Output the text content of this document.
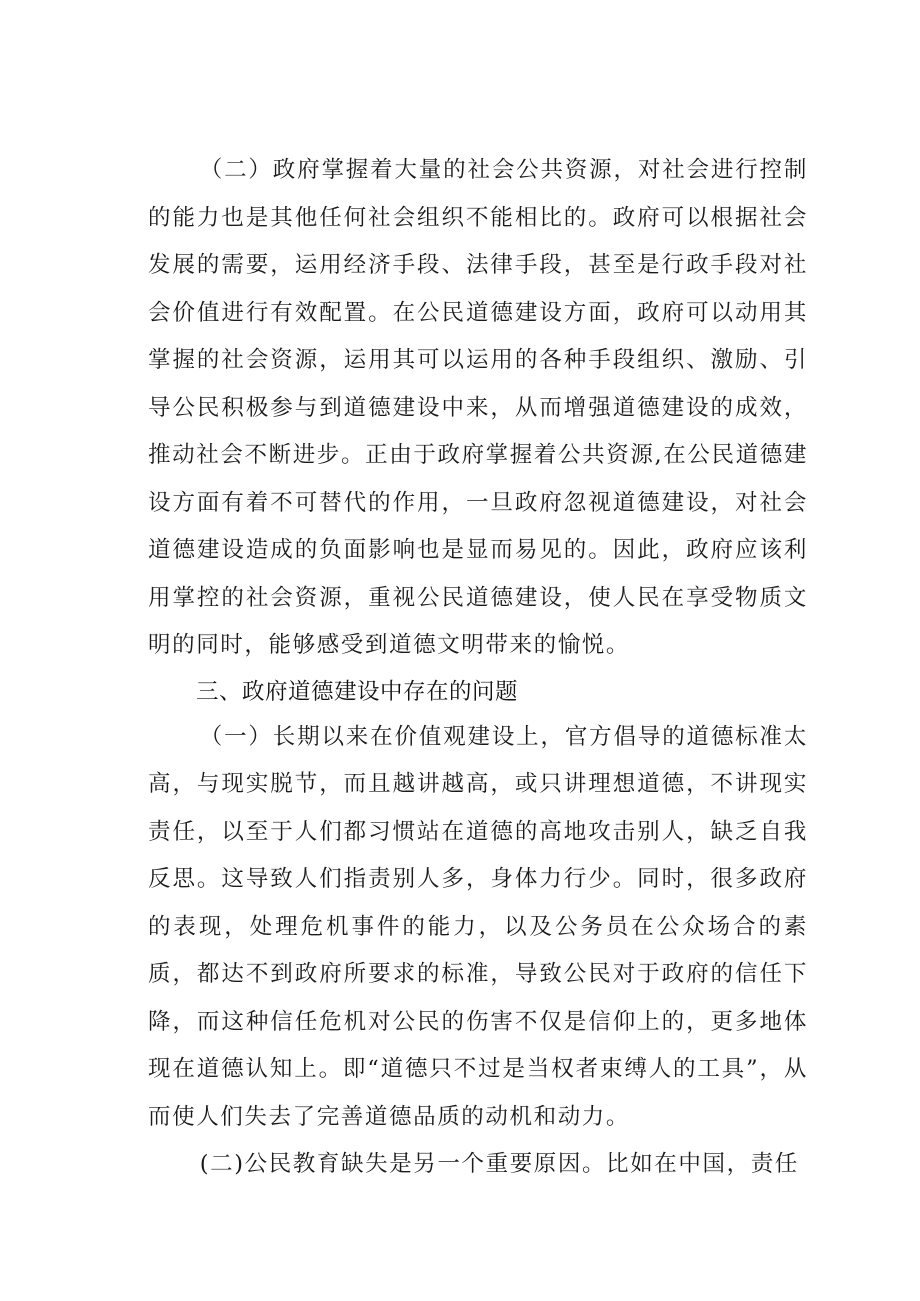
（二）政府掌握着大量的社会公共资源，对社会进行控制的能力也是其他任何社会组织不能相比的。政府可以根据社会发展的需要，运用经济手段、法律手段，甚至是行政手段对社会价值进行有效配置。在公民道德建设方面，政府可以动用其掌握的社会资源，运用其可以运用的各种手段组织、激励、引导公民积极参与到道德建设中来，从而增强道德建设的成效，推动社会不断进步。正由于政府掌握着公共资源,在公民道德建设方面有着不可替代的作用，一旦政府忽视道德建设，对社会道德建设造成的负面影响也是显而易见的。因此，政府应该利用掌控的社会资源，重视公民道德建设，使人民在享受物质文明的同时，能够感受到道德文明带来的愉悦。

三、政府道德建设中存在的问题

（一）长期以来在价值观建设上，官方倡导的道德标准太高，与现实脱节，而且越讲越高，或只讲理想道德，不讲现实责任，以至于人们都习惯站在道德的高地攻击别人，缺乏自我反思。这导致人们指责别人多，身体力行少。同时，很多政府的表现，处理危机事件的能力，以及公务员在公众场合的素质，都达不到政府所要求的标准，导致公民对于政府的信任下降，而这种信任危机对公民的伤害不仅是信仰上的，更多地体现在道德认知上。即“道德只不过是当权者束缚人的工具”，从而使人们失去了完善道德品质的动机和动力。

(二)公民教育缺失是另一个重要原因。比如在中国，责任
